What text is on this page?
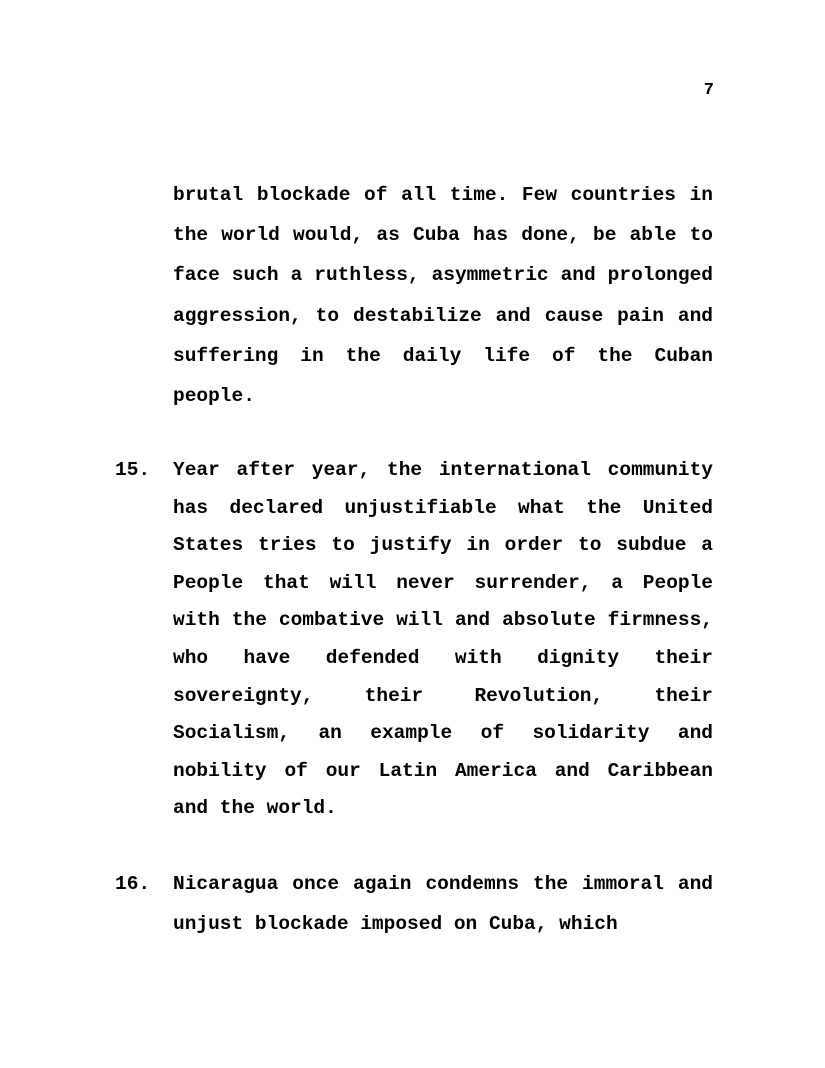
7
brutal blockade of all time. Few countries in the world would, as Cuba has done, be able to face such a ruthless, asymmetric and prolonged aggression, to destabilize and cause pain and suffering in the daily life of the Cuban people.
15. Year after year, the international community has declared unjustifiable what the United States tries to justify in order to subdue a People that will never surrender, a People with the combative will and absolute firmness, who have defended with dignity their sovereignty, their Revolution, their Socialism, an example of solidarity and nobility of our Latin America and Caribbean and the world.
16. Nicaragua once again condemns the immoral and unjust blockade imposed on Cuba, which
